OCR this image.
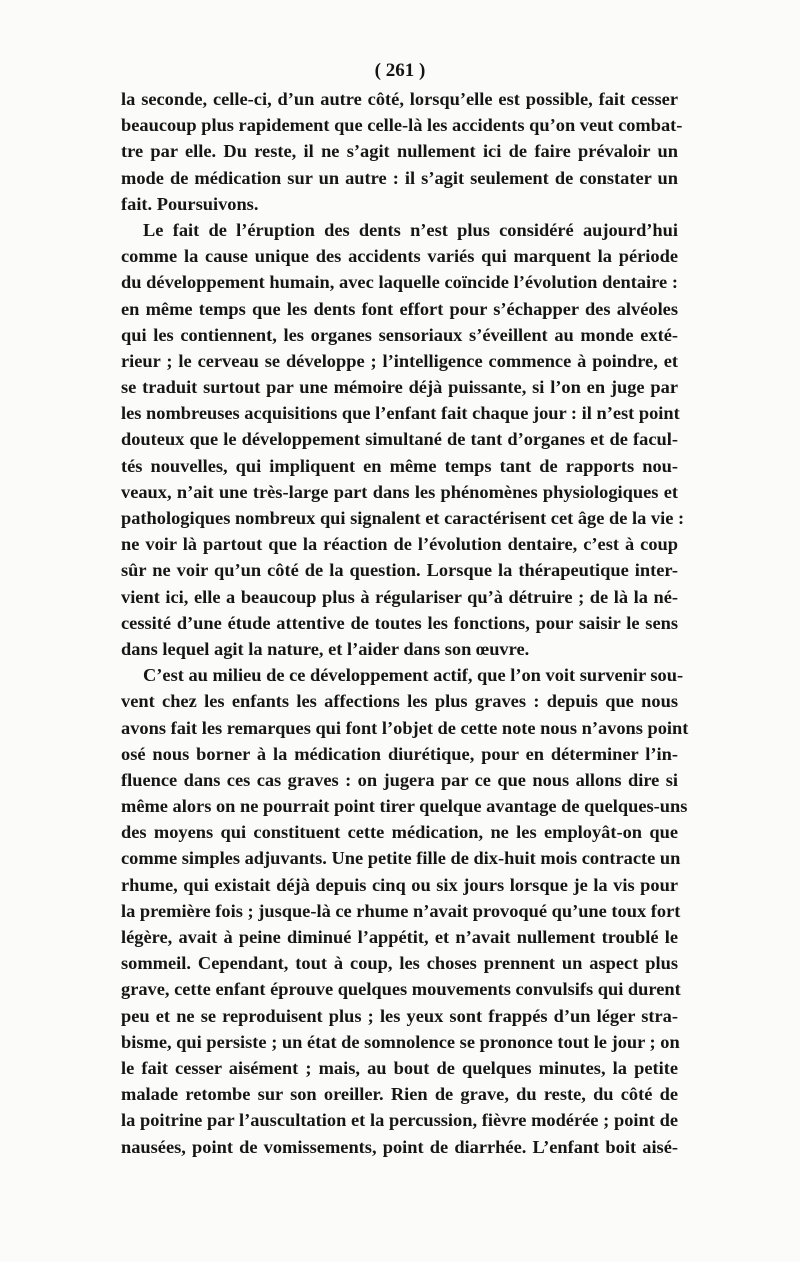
( 261 )
la seconde, celle-ci, d’un autre côté, lorsqu’elle est possible, fait cesser
beaucoup plus rapidement que celle-là les accidents qu’on veut combat-
tre par elle. Du reste, il ne s’agit nullement ici de faire prévaloir un
mode de médication sur un autre : il s’agit seulement de constater un
fait. Poursuivons.
Le fait de l’éruption des dents n’est plus considéré aujourd’hui
comme la cause unique des accidents variés qui marquent la période
du développement humain, avec laquelle coïncide l’évolution dentaire :
en même temps que les dents font effort pour s’échapper des alvéoles
qui les contiennent, les organes sensoriaux s’éveillent au monde exté-
rieur ; le cerveau se développe ; l’intelligence commence à poindre, et
se traduit surtout par une mémoire déjà puissante, si l’on en juge par
les nombreuses acquisitions que l’enfant fait chaque jour : il n’est point
douteux que le développement simultané de tant d’organes et de facul-
tés nouvelles, qui impliquent en même temps tant de rapports nou-
veaux, n’ait une très-large part dans les phénomènes physiologiques et
pathologiques nombreux qui signalent et caractérisent cet âge de la vie :
ne voir là partout que la réaction de l’évolution dentaire, c’est à coup
sûr ne voir qu’un côté de la question. Lorsque la thérapeutique inter-
vient ici, elle a beaucoup plus à régulariser qu’à détruire ; de là la né-
cessité d’une étude attentive de toutes les fonctions, pour saisir le sens
dans lequel agit la nature, et l’aider dans son œuvre.
C’est au milieu de ce développement actif, que l’on voit survenir sou-
vent chez les enfants les affections les plus graves : depuis que nous
avons fait les remarques qui font l’objet de cette note nous n’avons point
osé nous borner à la médication diurétique, pour en déterminer l’in-
fluence dans ces cas graves : on jugera par ce que nous allons dire si
même alors on ne pourrait point tirer quelque avantage de quelques-uns
des moyens qui constituent cette médication, ne les employât-on que
comme simples adjuvants. Une petite fille de dix-huit mois contracte un
rhume, qui existait déjà depuis cinq ou six jours lorsque je la vis pour
la première fois ; jusque-là ce rhume n’avait provoqué qu’une toux fort
légère, avait à peine diminué l’appétit, et n’avait nullement troublé le
sommeil. Cependant, tout à coup, les choses prennent un aspect plus
grave, cette enfant éprouve quelques mouvements convulsifs qui durent
peu et ne se reproduisent plus ; les yeux sont frappés d’un léger stra-
bisme, qui persiste ; un état de somnolence se prononce tout le jour ; on
le fait cesser aisément ; mais, au bout de quelques minutes, la petite
malade retombe sur son oreiller. Rien de grave, du reste, du côté de
la poitrine par l’auscultation et la percussion, fièvre modérée ; point de
nausées, point de vomissements, point de diarrhée. L’enfant boit aisé-
